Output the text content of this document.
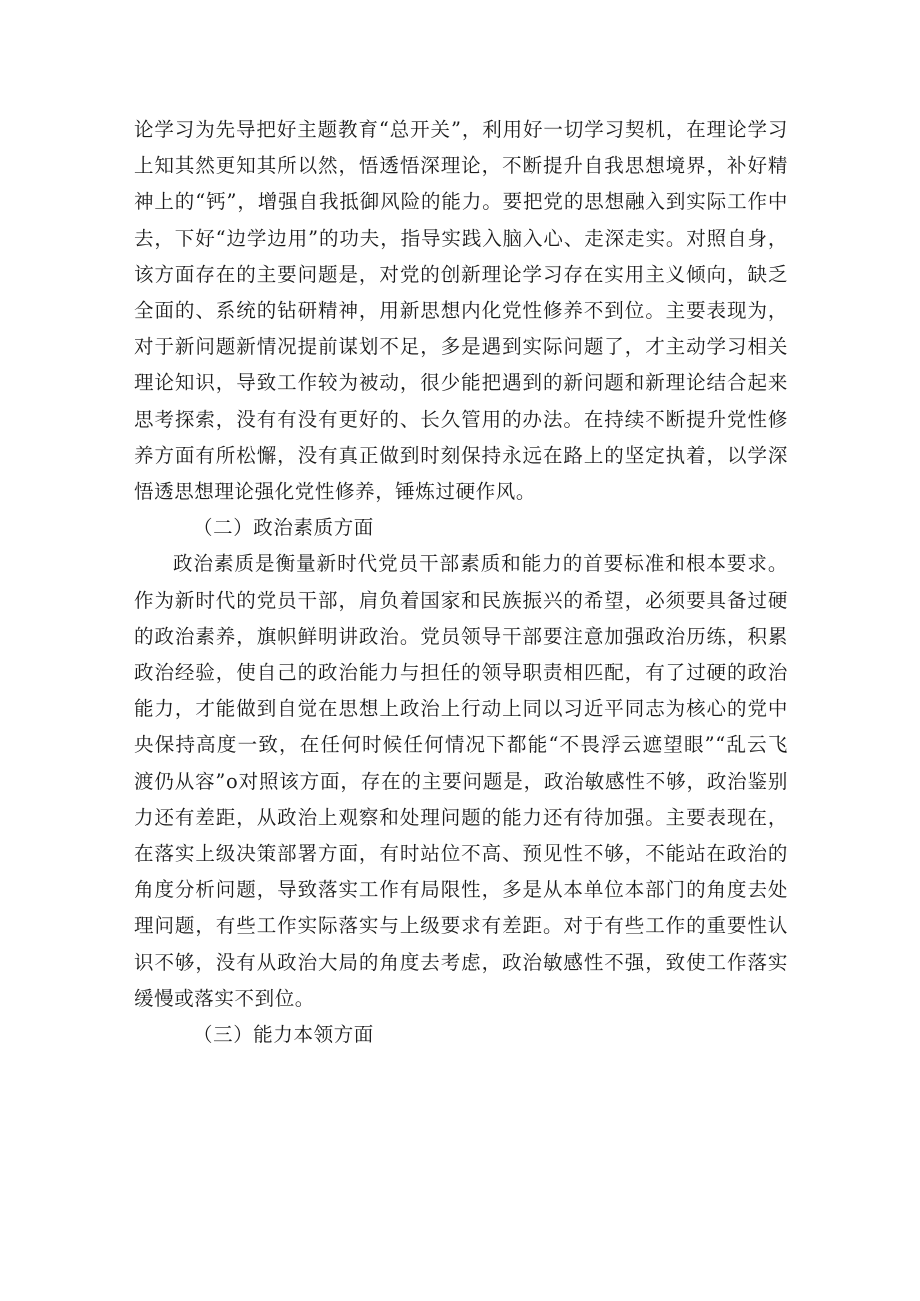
论学习为先导把好主题教育“总开关”，利用好一切学习契机，在理论学习上知其然更知其所以然，悟透悟深理论，不断提升自我思想境界，补好精神上的“钙”，增强自我抵御风险的能力。要把党的思想融入到实际工作中去，下好“边学边用”的功夫，指导实践入脑入心、走深走实。对照自身，该方面存在的主要问题是，对党的创新理论学习存在实用主义倾向，缺乏全面的、系统的钻研精神，用新思想内化党性修养不到位。主要表现为，对于新问题新情况提前谋划不足，多是遇到实际问题了，才主动学习相关理论知识，导致工作较为被动，很少能把遇到的新问题和新理论结合起来思考探索，没有有没有更好的、长久管用的办法。在持续不断提升党性修养方面有所松懈，没有真正做到时刻保持永远在路上的坚定执着，以学深悟透思想理论强化党性修养，锤炼过硬作风。

（二）政治素质方面

政治素质是衡量新时代党员干部素质和能力的首要标准和根本要求。作为新时代的党员干部，肩负着国家和民族振兴的希望，必须要具备过硬的政治素养，旗帜鲜明讲政治。党员领导干部要注意加强政治历练，积累政治经验，使自己的政治能力与担任的领导职责相匹配，有了过硬的政治能力，才能做到自觉在思想上政治上行动上同以习近平同志为核心的党中央保持高度一致，在任何时候任何情况下都能“不畏浮云遮望眼”“乱云飞渡仍从容”o对照该方面，存在的主要问题是，政治敏感性不够，政治鉴别力还有差距，从政治上观察和处理问题的能力还有待加强。主要表现在，在落实上级决策部署方面，有时站位不高、预见性不够，不能站在政治的角度分析问题，导致落实工作有局限性，多是从本单位本部门的角度去处理问题，有些工作实际落实与上级要求有差距。对于有些工作的重要性认识不够，没有从政治大局的角度去考虑，政治敏感性不强，致使工作落实缓慢或落实不到位。

（三）能力本领方面
